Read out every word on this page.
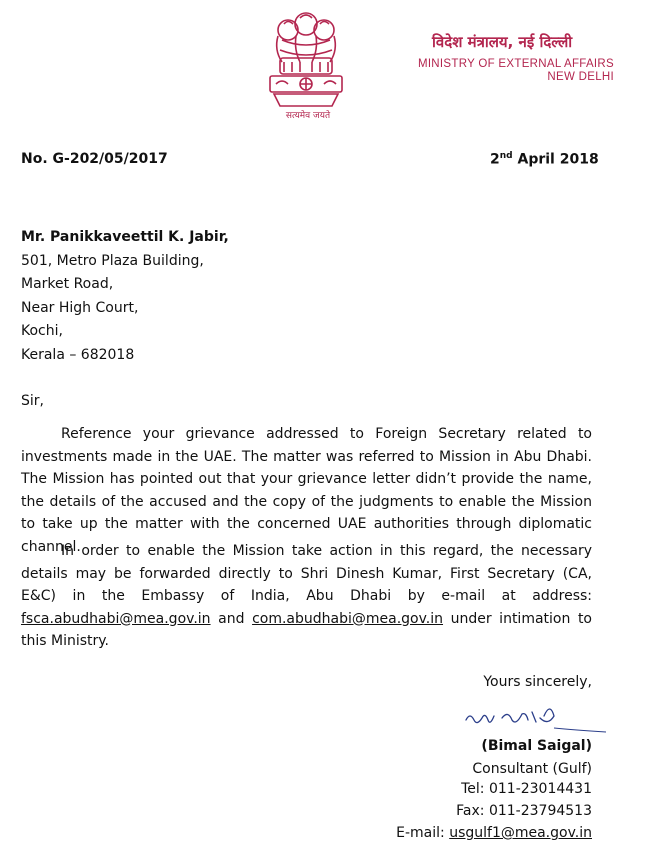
सत्यमेव जयते
विदेश मंत्रालय, नई दिल्ली
MINISTRY OF EXTERNAL AFFAIRS
NEW DELHI
No. G-202/05/2017	2nd April 2018
Mr. Panikkaveettil K. Jabir,
501, Metro Plaza Building,
Market Road,
Near High Court,
Kochi,
Kerala – 682018
Sir,
Reference your grievance addressed to Foreign Secretary related to investments made in the UAE. The matter was referred to Mission in Abu Dhabi. The Mission has pointed out that your grievance letter didn’t provide the name, the details of the accused and the copy of the judgments to enable the Mission to take up the matter with the concerned UAE authorities through diplomatic channel.
In order to enable the Mission take action in this regard, the necessary details may be forwarded directly to Shri Dinesh Kumar, First Secretary (CA, E&C) in the Embassy of India, Abu Dhabi by e-mail at address: fsca.abudhabi@mea.gov.in and com.abudhabi@mea.gov.in under intimation to this Ministry.
Yours sincerely,
(Bimal Saigal)
Consultant (Gulf)
Tel: 011-23014431
Fax: 011-23794513
E-mail: usgulf1@mea.gov.in
